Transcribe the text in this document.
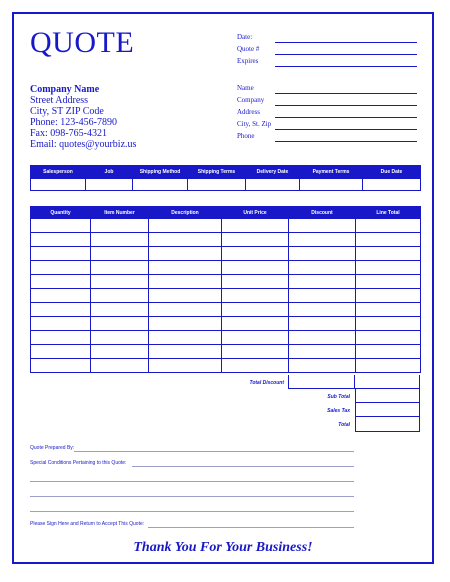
QUOTE
Company Name
Street Address
City, ST ZIP Code
Phone: 123-456-7890
Fax: 098-765-4321
Email: quotes@yourbiz.us
Date:
Quote #
Expires
Name
Company
Address
City, St. Zip
Phone
Salesperson	Job	Shipping Method	Shipping Terms	Delivery Date	Payment Terms	Due Date

Quantity	Item Number	Description	Unit Price	Discount	Line Total

Total Discount
Sub Total
Sales Tax
Total
Quote Prepared By:
Special Conditions Pertaining to this Quote:
Please Sign Here and Return to Accept This Quote:
Thank You For Your Business!
